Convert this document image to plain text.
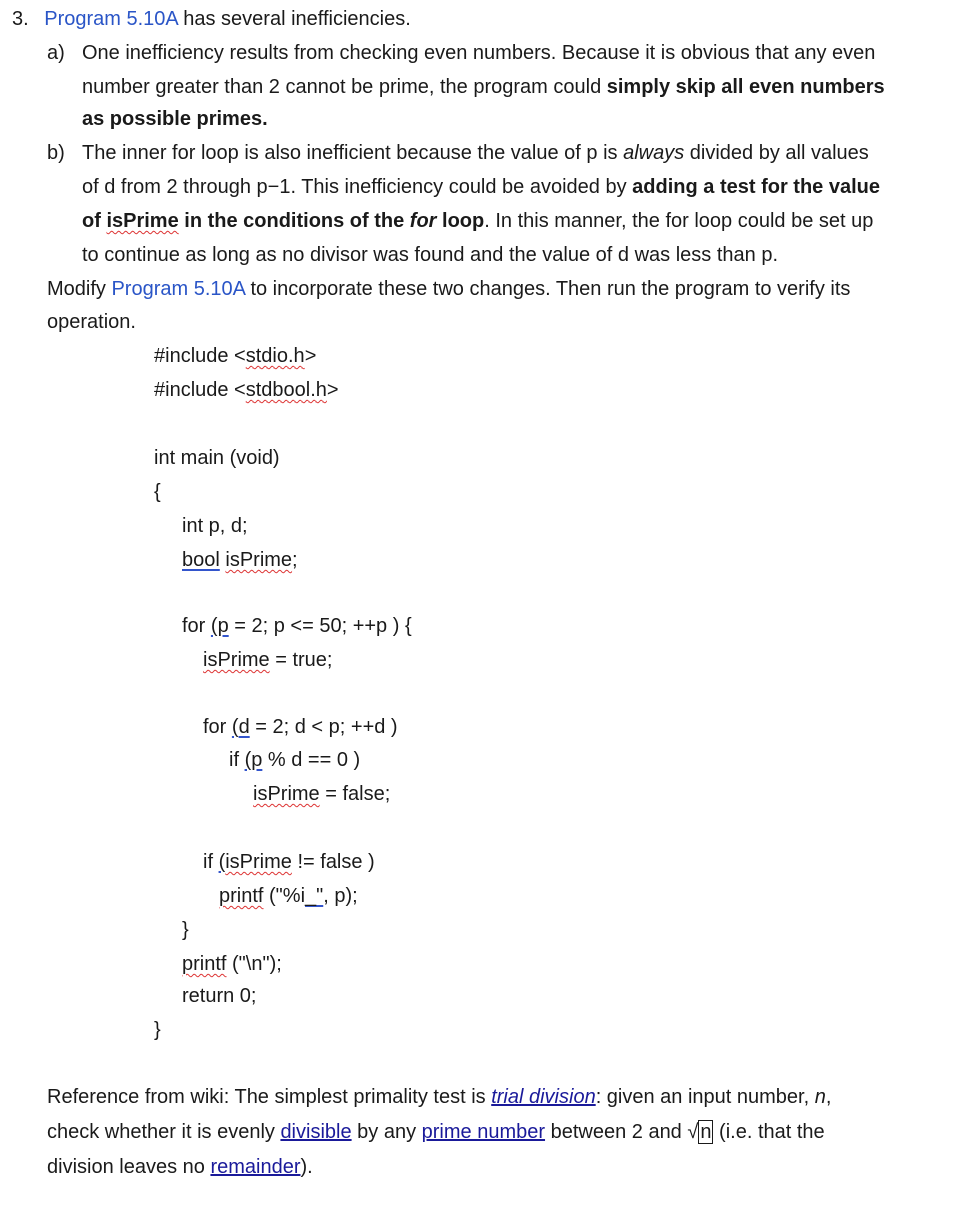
3. Program 5.10A has several inefficiencies.
a) One inefficiency results from checking even numbers. Because it is obvious that any even
number greater than 2 cannot be prime, the program could simply skip all even numbers
as possible primes.
b) The inner for loop is also inefficient because the value of p is always divided by all values
of d from 2 through p−1. This inefficiency could be avoided by adding a test for the value
of isPrime in the conditions of the for loop. In this manner, the for loop could be set up
to continue as long as no divisor was found and the value of d was less than p.
Modify Program 5.10A to incorporate these two changes. Then run the program to verify its
operation.
#include <stdio.h>
#include <stdbool.h>
int main (void)
{
int p, d;
bool isPrime;
for (p = 2; p <= 50; ++p ) {
isPrime = true;
for (d = 2; d < p; ++d )
if (p % d == 0 )
isPrime = false;
if (isPrime != false )
printf ("%i_", p);
}
printf ("\n");
return 0;
}
Reference from wiki: The simplest primality test is trial division: given an input number, n,
check whether it is evenly divisible by any prime number between 2 and √ n (i.e. that the
division leaves no remainder).
